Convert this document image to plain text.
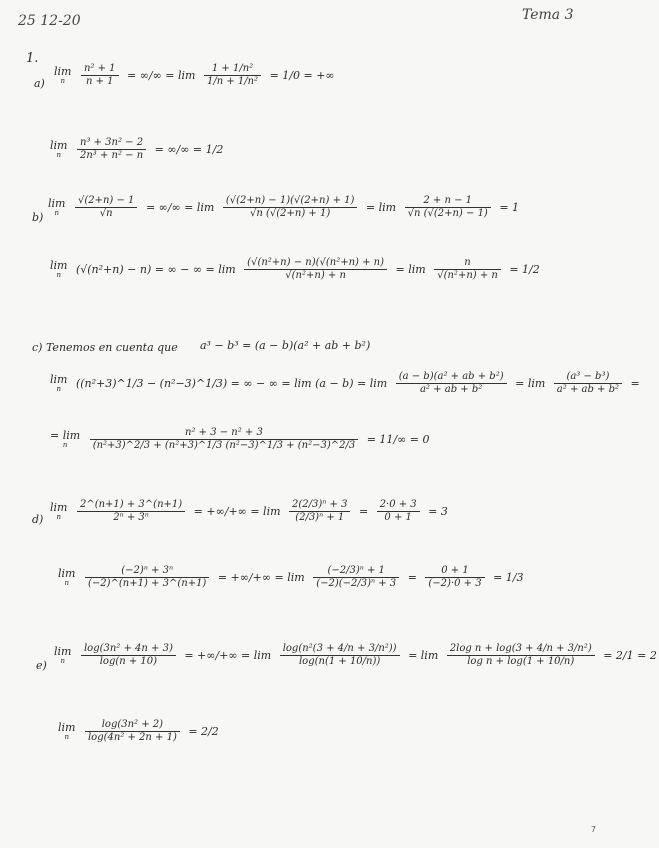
25 12-20	Tema 3
1.
a)
lim
n
	$\frac{\text{n² + 1}}{n + 1}$ = ∞/∞ = $\lim \frac{\text{1 + 1/n²}}{\text{1/n + 1/n²}} = 1/0$ = +∞
lim
n
	$\frac{\text{n³ + 3n² − 2}}{\text{2n³ + n² − n}}$ = ∞/∞ = 1/2
b)
lim
n
	$\frac{√(2+n) - 1}{√n}$ = ∞/∞ = $\lim \frac{(√(2+n) - 1)(√(2+n) + 1)}{√n (√(2+n) + 1)} = \lim \frac{2 + n - 1}{√n (√(2+n) - 1)} = 1$
lim
n	(√(n²+n) − n) = ∞ − ∞ = $\lim \frac{\text{(√(n²+n) − n)(√(n²+n) + n)}}{\text{√(n²+n) + n}} = \lim \frac{n}{\text{√(n²+n) + n}} = 1/2$
c) Tenemos en cuenta que a³ − b³ = (a − b)(a² + ab + b²)
lim
n	((n²+3)^1/3 − (n²−3)^1/3) = ∞ − ∞ = $\lim (a - b) = \lim \frac{\text{(a − b)(a² + ab + b²)}}{\text{a² + ab + b²}} = \lim \frac{\text{(a³ − b³)}}{\text{a² + ab + b²}}$ =
= lim
n
	$\frac{\text{n² + 3 − n² + 3}}{\text{(n²+3)\textasciicircum{}2/3 + (n²+3)\textasciicircum{}1/3 (n²−3)\textasciicircum{}1/3 + (n²−3)\textasciicircum{}2/3}} = 11/\infty = 0$
d)
lim
n
	$\frac{2\^{}(n+1) + 3\^{}(n+1)}{\text{2ⁿ + 3ⁿ}}$ = +∞/+∞ = $\lim \frac{\text{2(2/3)ⁿ + 3}}{\text{(2/3)ⁿ + 1}} = \frac{2\cdot 0 + 3}{0 + 1} = 3$
lim
n
	$\frac{\text{(−2)ⁿ + 3ⁿ}}{(-2)\^{}(n+1) + 3\^{}(n+1)}$ = +∞/+∞ = $\lim \frac{\text{(−2/3)ⁿ + 1}}{\text{(−2)(−2/3)ⁿ + 3}} = \frac{0 + 1}{(-2)\cdot 0 + 3} = 1/3$
e)
lim
n
	$\frac{\text{log(3n² + 4n + 3)}}{\log(n + 10)}$ = +∞/+∞ = $\lim \frac{\text{log(n²(3 + 4/n + 3/n²))}}{\log(n(1 + 10/n))} = \lim \frac{\text{2log n + log(3 + 4/n + 3/n²)}}{\text{log n + log(1 + 10/n)}} = 2/1 = 2$
lim
n
	$\frac{\text{log(3n² + 2)}}{\text{log(4n² + 2n + 1)}} = 2/2$
7
